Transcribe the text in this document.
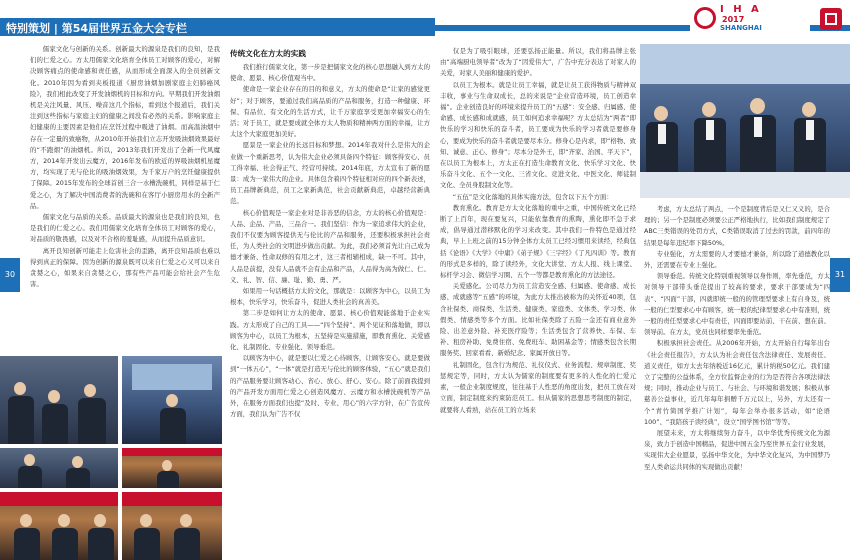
特别策划 | 第54届世界五金大会专栏
I H A
2017
SHANGHAI
30	31

儒家文化与创新的关系。创新最大的源泉是我们的良知，是我们的仁爱之心。方太用儒家文化培育全体员工对顾客的爱心，对解决顾客痛点的使命感和责任感，从而形成全面深入的全员创新文化。2010年因为看到夹板报道《厨房油烟加剧家庭主妇肺癌风险》，我们相此改变了开发油烟机的目标和方向。早期我们开发油烟机是关注风量、风压、噪音这几个指标，看到这个报道后，我们关注到这些指标与家庭主妇的健康之间没有必然的关系。影响家庭主妇健康的主要因素是他们在烹饪过程中吸进了油烟。而高温油烟中存在一定量的致癌物，从2010年开始我们立志开发吸油烟效果最好的“不跑烟”的油烟机。所以，2013年我们开发出了全新一代风魔方，2014年开发出云魔方，2016年发布的欧近的界吸油烟机星魔方，均实现了无与伦比的吸油烟效果，为千家万户的烹饪健康提供了保障。2015年发布的全球首创三合一水槽洗碗机，同样是基于仁爱之心，为了解决中国消费者的洗碗和在客厅小厨房用水的全新产品。

儒家文化与品质的关系。品质最大的源泉也是我们的良知，也是我们的仁爱之心。我们用儒家文化培育全体员工对顾客的爱心，对品质的敬畏感，以及对不合格的羞耻感，从而提升品质意识。

离开良知创新可能走上危害社会的歪路，离开良知品质也难以得到真正的保障。因为创新的源泉既可以来自仁爱之心又可以来自贪婪之心，如果来自贪婪之心，那有些产品可能会给社会产生危害。

传统文化在方太的实践

我们推行儒家文化，第一步是把儒家文化的核心思想融入到方太的使命、愿景、核心价值观当中。

使命是一家企业存在的目的和意义，方太的使命是“让家的感觉更好”；对于顾客，要通过我们高品质的产品和服务，打造一种健康、环保、有品位、有文化的生活方式，让千万家庭享受更加幸福安心的生活；对于员工，就是要成就全体方太人物质和精神两方面的幸福，让方太这个大家庭更加美好。

愿景是一家企业的长远目标和梦想。2014年我对什么是伟大的企业做一个重新思考，认为伟大企业必须具备四个特征：顾客得安心、员工得幸福、社会得正气、经营可持续。2014年底，方太宣布了新的愿景：成为一家伟大的企业。具体包含着四个特征相对应的四个新表述，员工品牌新典范，员工之家新典范，社会贡献新典范，卓越经营新典范。

核心价值观是一家企业对是非善恶的信念，方太的核心价值观是：人品、企品、产品，三品合一。我们坚信：作为一家追求伟大的企业，我们不仅要为顾客提供无与伦比的产品和服务，还要积极承担社会责任，为人类社会的文明进步做出贡献。为此，我们必须首先让自己成为德才兼备、性命双修的有用之才，这三者相辅相成，缺一不可。其中，人品是前提，没有人品就不会有企品和产品，人品得为高为做仁、仁、义、礼、智、信、廉、耻、勤、勇、严。

如果用一句话概括方太的文化，那就是：以顾客为中心，以员工为根本，快乐学习，快乐奋斗，促进人类社会的真善美。

第二步是如何让方太的使命、愿景、核心价值观能落地于企业实践。方太形成了自己的工具——“四个坚持”、两个见证和落地做，即以顾客为中心，以员工为根本，五坚持是实施措施，即教育熏化、关爱感化、礼制固化、专业强化、领导垂范。

以顾客为中心，就是要以仁爱之心待顾客，让顾客安心。就是要做到“一体五心”，“一体”就是打造无与伦比的顾客体验，“五心”就是我们的产品服务要让顾客动心、省心、放心、舒心、安心。除了前面我提到的产品开发方面用仁爱之心创造风魔方、云魔方和水槽洗碗机等产品外，在服务方面我们也提“及时、专业、用心”的六字方针，在广告宣传方面，我们认为广告不仅

仅是为了吸引眼球，还要弘扬正能量。所以，我们将品牌主张由“高端厨电领导者”改为了“因爱伟大”，广告中充分表达了对家人的关爱，对家人美丽和健康的爱护。

以员工为根本。就是让员工幸福，就是让员工获得物质与精神双丰收，事业与生命双成长，总的来说是“企业营造环境，员工创造幸福”。企业创造良好的环境来提升员工的“五感”：安全感、归属感、使命感、成长感和成就感，员工如何追求幸福呢？方太总结为“两者”即快乐的学习和快乐的奋斗者，员工要成为快乐的学习者就是要修身心，要成为快乐的奋斗者就是要尽本分。修身心是内求，即“格物、致知、诚意、正心、修身”；尽本分是外王，即“齐家、治国、平天下”，在以员工为根本上，方太正在打造生命教育文化、快乐学习文化、快乐奋斗文化、五个一文化、三省文化、竞进文化、中医文化、师徒制文化、全员身股制文化等。

“五伍”是文化落地的具体实施方法，包含以下五个方面：

教育熏化。教育是方太文化落地的重中之重，中国传统文化已经断了上百年，现在要复兴，只能依靠教育的熏陶，熏化即不急于求成，倡导通过潜移默化的学习来改变。其中我们一件特色是通过经典，早上上班之前的15分钟全体方太员工已经习惯用来读经，经典包括《论语》《大学》《中庸》《弟子规》《三字经》《了凡四训》等。教育的形式是多样的，除了读经外，文化大讲堂、方太人报、线上课堂、标杆学习会、微信学习圈、五个一等都是教育熏化的方法途径。

关爱感化。公司尽力为员工营造安全感、归属感、使命感、成长感、成就感等“五感”的环境，为此方太推出被称为的关怀近40项，包含社保类、商保类、生活类、健康类、家庭类、文体类、学习类、休假类、情感类等多个方面。比如社保类除了五险一金还有商业意外险、出差意外险、补充医疗险等；生活类包含了营养快、车保、车补、租房补助、免费住宿、免费班车、助困基金等；情感类包含长期服务奖、回家看看、新婚纪念、家属开放日等。

礼制固化，包含行为规范、礼仪仪式、业务流程、规章制度、奖惩规定等，同时，方太认为儒家的制度要有更多的人性化的仁爱元素，一般企业制度规度，往往基于人性恶的角度出发，把员工放在对立面，制定制度来约束防范员工。但从儒家的思想思考制度的制定，就要将人看熟，站在员工的立场来

考虑，方太总结了两点，一个是制度背后是又仁又义的，是合理的；另一个是制度必须要公正严格地执行，比如我们制度规定了ABC三类错误的处罚方式，C类错误取消了过去的罚款，前四年的结果是每年违纪率下降50%。

专业强化，方太需要的人才要德才兼备，所以除了道德教化以外，还需要在专业上强化。

领导垂范。传统文化特别重视领导以身作则，率先垂范，方太对领导干部带头垂范提出了较高的要求，要求干部要成为“四表”、“四面”干部，四就即统一般的的管理型要求上有自身及，统一般的仁型要求心中有顾客，统一般的纪律型要求心中有准则，统一般的责任型要求心中有责任，四面即要站前、干在前、想在前、领导前。在方太，党员也同样要率先垂范。

积极承担社会责任。从2006年开始，方太开始自行每年出台《社会责任报告》，方太认为社会责任包含法律责任、发展责任、道义责任，如方太去年纳税近16亿元，累计纳税50亿元。我们建立了完整的公益体系，全方位监督企业的行为是否符合各项法律法规；同时，推动企业与员工、与社会、与环境和谐发展；积极从事慈善公益事业，近几年每年捐赠千万元以上，另外，方太还有一个“青竹简国学推广计划”，每年会举办很多活动，如“论语100”、“我陪孩子读经典”，设立“国学图书馆”等等。

展望未来，方太将继续努力奋斗，以中华优秀传统文化为源泉，致力于创造中国精品，促进中国五金乃至世界五金行业发展，实现伟大企业愿景，弘扬中华文化，为中华文化复兴，为中国梦乃至人类命运共同体的实现做出贡献！
